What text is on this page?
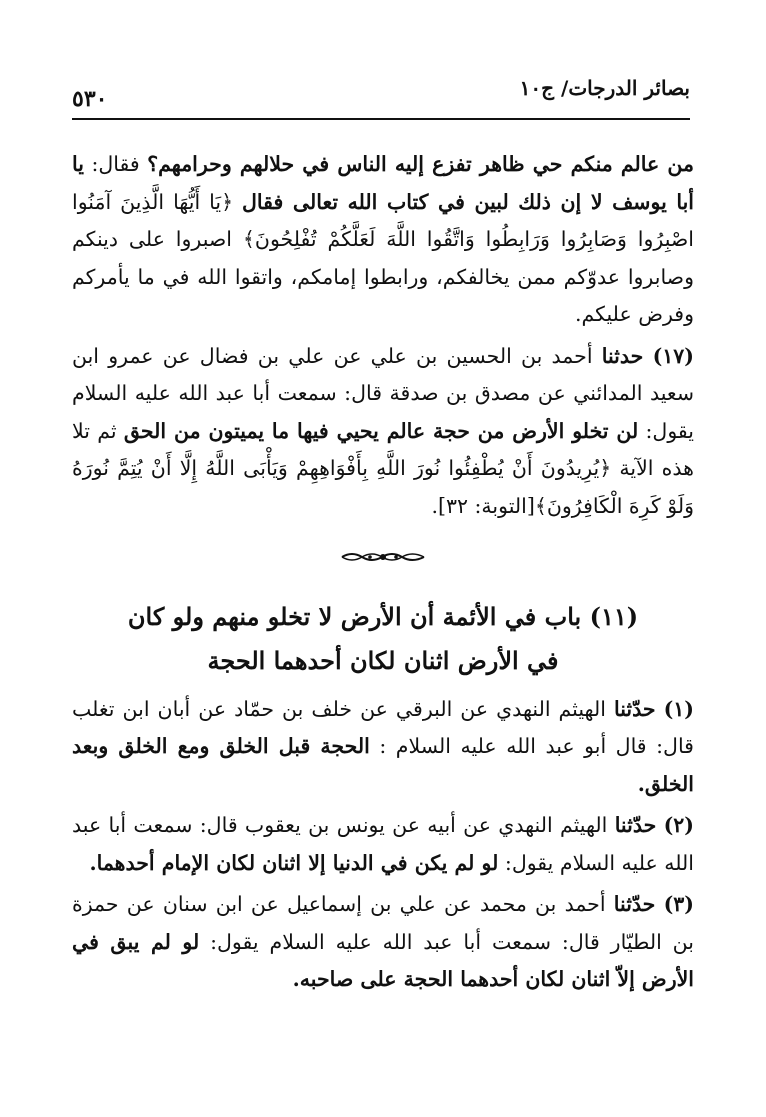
بصائر الدرجات/ ج١٠
٥٣٠

من عالم منكم حي ظاهر تفزع إليه الناس في حلالهم وحرامهم؟ فقال: يا أبا يوسف لا إن ذلك لبين في كتاب الله تعالى فقال ﴿يَا أَيُّهَا الَّذِينَ آمَنُوا اصْبِرُوا وَصَابِرُوا وَرَابِطُوا وَاتَّقُوا اللَّهَ لَعَلَّكُمْ تُفْلِحُونَ﴾ اصبروا على دينكم وصابروا عدوّكم ممن يخالفكم، ورابطوا إمامكم، واتقوا الله في ما يأمركم وفرض عليكم.

(١٧) حدثنا أحمد بن الحسين بن علي عن علي بن فضال عن عمرو ابن سعيد المدائني عن مصدق بن صدقة قال: سمعت أبا عبد الله عليه السلام يقول: لن تخلو الأرض من حجة عالم يحيي فيها ما يميتون من الحق ثم تلا هذه الآية ﴿يُرِيدُونَ أَنْ يُطْفِئُوا نُورَ اللَّهِ بِأَفْوَاهِهِمْ وَيَأْبَى اللَّهُ إِلَّا أَنْ يُتِمَّ نُورَهُ وَلَوْ كَرِهَ الْكَافِرُونَ﴾[التوبة: ٣٢].

(١١) باب في الأئمة أن الأرض لا تخلو منهم ولو كان
في الأرض اثنان لكان أحدهما الحجة

(١) حدّثنا الهيثم النهدي عن البرقي عن خلف بن حمّاد عن أبان ابن تغلب قال: قال أبو عبد الله عليه السلام : الحجة قبل الخلق ومع الخلق وبعد الخلق.

(٢) حدّثنا الهيثم النهدي عن أبيه عن يونس بن يعقوب قال: سمعت أبا عبد الله عليه السلام يقول: لو لم يكن في الدنيا إلا اثنان لكان الإمام أحدهما.

(٣) حدّثنا أحمد بن محمد عن علي بن إسماعيل عن ابن سنان عن حمزة بن الطيّار قال: سمعت أبا عبد الله عليه السلام يقول: لو لم يبق في الأرض إلاّ اثنان لكان أحدهما الحجة على صاحبه.
